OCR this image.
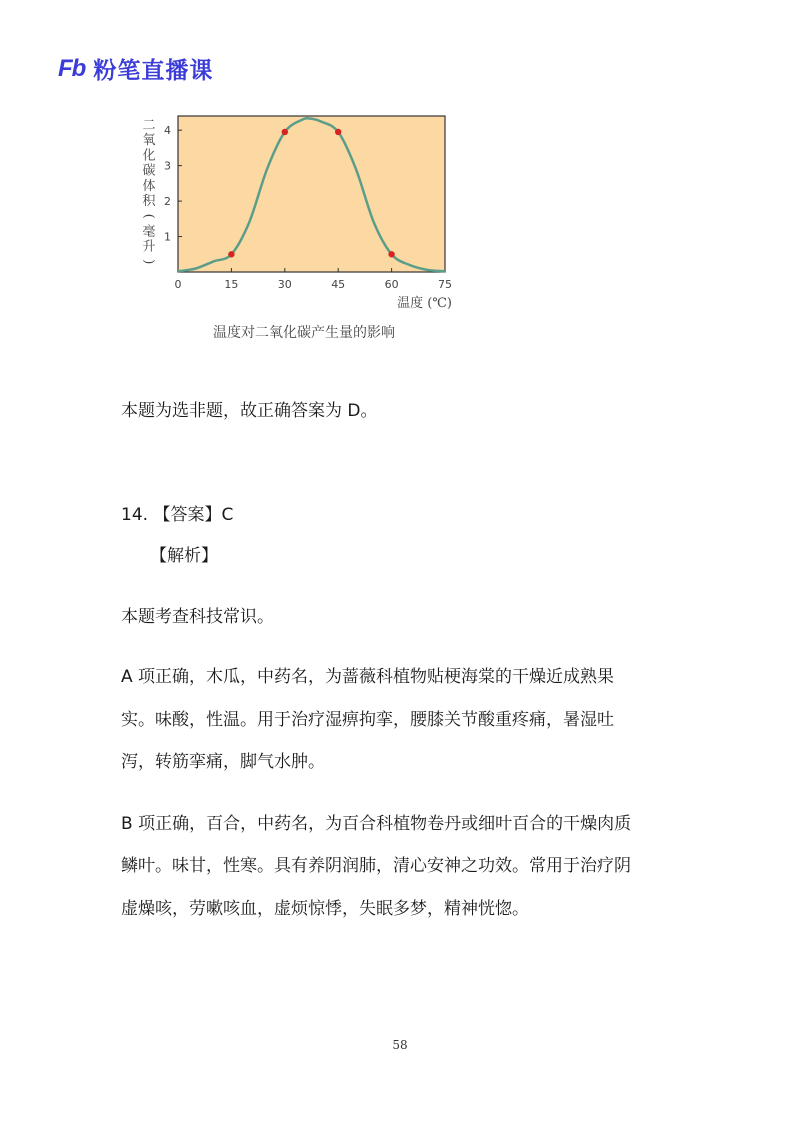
Fb 粉笔直播课
二
氧
化
碳
体
积
(
毫
升
)
1
2
3
4
0	15	30	45	60	75
温度 (℃)
温度对二氧化碳产生量的影响
本题为选非题，故正确答案为 D。
14. 【答案】C
【解析】
本题考查科技常识。
A 项正确，木瓜，中药名，为蔷薇科植物贴梗海棠的干燥近成熟果
实。味酸，性温。用于治疗湿痹拘挛，腰膝关节酸重疼痛，暑湿吐
泻，转筋挛痛，脚气水肿。
B 项正确，百合，中药名，为百合科植物卷丹或细叶百合的干燥肉质
鳞叶。味甘，性寒。具有养阴润肺，清心安神之功效。常用于治疗阴
虚燥咳，劳嗽咳血，虚烦惊悸，失眠多梦，精神恍惚。
58
